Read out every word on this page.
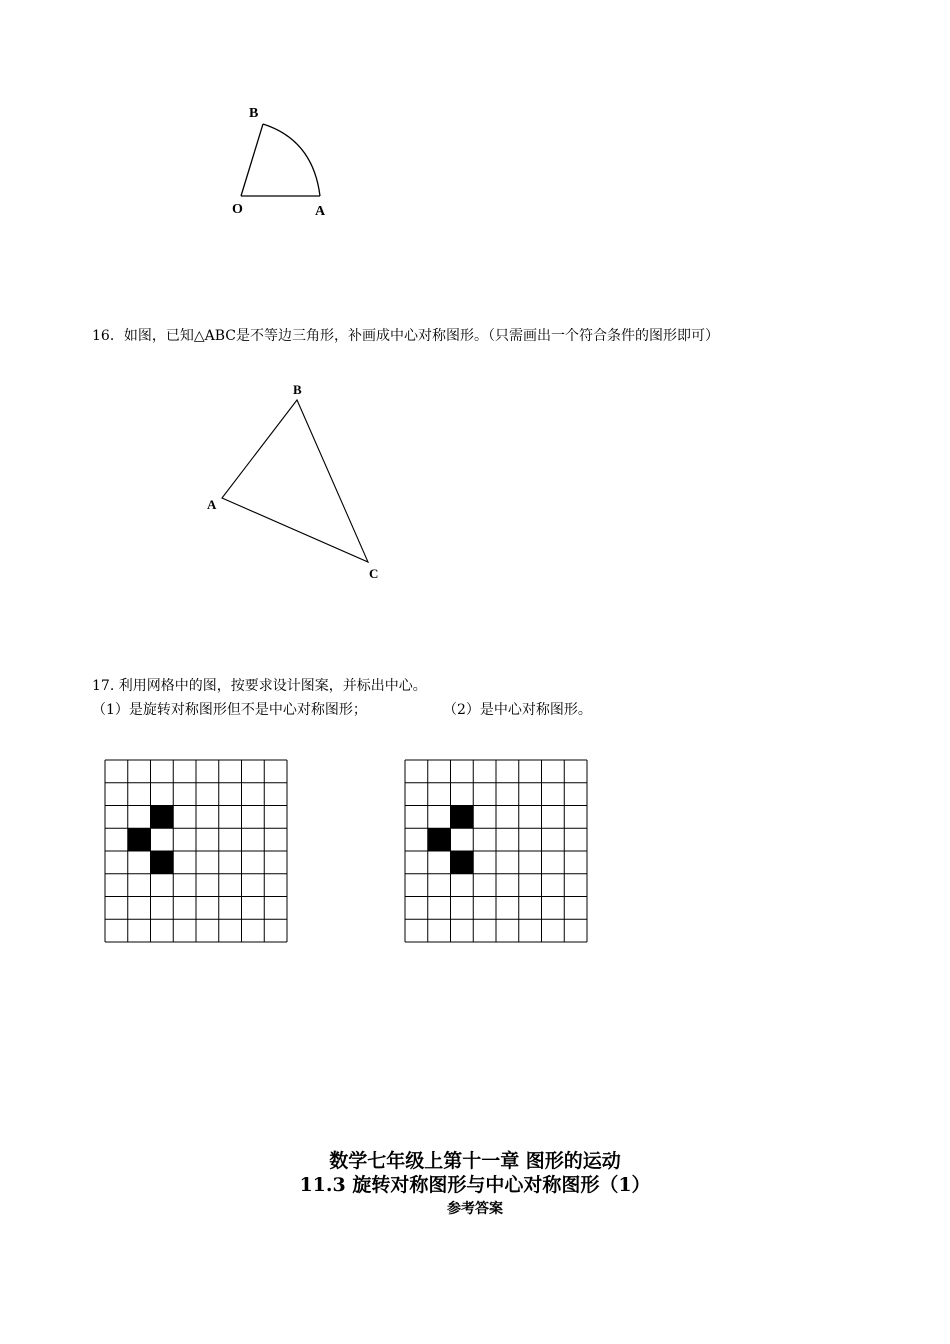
B
O	A
16．如图，已知△ABC是不等边三角形，补画成中心对称图形。（只需画出一个符合条件的图形即可）
B
A
C
17. 利用网格中的图，按要求设计图案，并标出中心。
（1）是旋转对称图形但不是中心对称图形；	（2）是中心对称图形。
数学七年级上第十一章 图形的运动
11.3 旋转对称图形与中心对称图形（1）
参考答案
